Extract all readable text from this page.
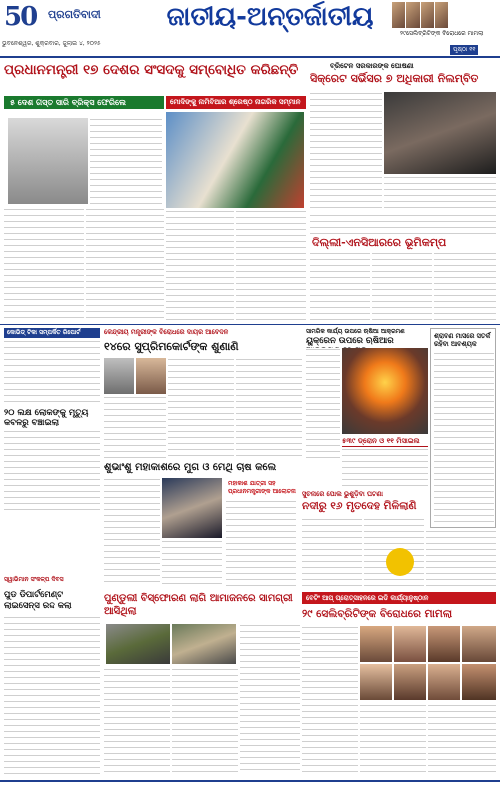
50	ପ୍ରଗତିବାଦୀ
ଭୁବନେଶ୍ୱର, ଶୁକ୍ରବାର, ଜୁଲାଇ ୪, ୨୦୨୫
ଜାତୀୟ-ଅନ୍ତର୍ଜାତୀୟ
୨୯ସେଲିବ୍ରିଟିଙ୍କ ବିରୋଧରେ ମାମଲା
ପୃଷ୍ଠା ୧୧
ପ୍ରଧାନମନ୍ତ୍ରୀ ୧୭ ଦେଶର ସଂସଦକୁ ସମ୍ବୋଧିତ କରିଛନ୍ତି
୫ ଦେଶ ଗସ୍ତ ସାରି ବ୍ରିକ୍ସ ଫେରିଲେ	ମୋଦିଙ୍କୁ ନାମିବିଆର ଶ୍ରେଷ୍ଠ ନାଗରିକ ସମ୍ମାନ
ବ୍ରିଟେନ ସରକାରଙ୍କ ଘୋଷଣା
ସିକ୍ରେଟ ସର୍ଭିସର ୭ ଅଧିକାରୀ ନିଲମ୍ବିତ
ଦିଲ୍ଲୀ-ଏନସିଆରରେ ଭୂମିକମ୍ପ
କୋଭିଡ୍ ଟିକା ସମ୍ପର୍କିତ ରିପୋର୍ଟ
୨୦ ଲକ୍ଷ ଲୋକଙ୍କୁ ମୃତ୍ୟୁ କବଳରୁ ବଞ୍ଚାଇଲା
କେନ୍ଦ୍ରୀୟ ମନ୍ତ୍ରୀଙ୍କ ବିରୋଧରେ ଦାୟର ଆବେଦନ
୧୪ରେ ସୁପ୍ରିମକୋର୍ଟଙ୍କ ଶୁଣାଣି
ସାମରିକ କାର୍ଯ୍ୟ ଉପରେ ଋଷିଆ ଆକ୍ରମଣ
ୟୁକ୍ରେନ ଉପରେ ଋଷିଆର
୫୩୯ ଡ୍ରୋନ ଓ ୧୧ ମିସାଇଲ
ଶ୍ରାବଣ ମାସରେ ସତର୍କ ରହିବା ଆବଶ୍ୟକ
ଶୁଭାଂଶୁ ମହାକାଶରେ ମୁଗ ଓ ମେଥି ଚାଷ କଲେ
ମହାକାଶ ଯାତ୍ରୀ ସହ ପ୍ରଧାନମନ୍ତ୍ରୀଙ୍କ ଆଲୋଚନା ସୁଚନାରେ ପୋଲ ଭୁଶୁଡ଼ିବା ଘଟଣା
ନଦୀରୁ ୧୬ ମୃତଦେହ ମିଳିଲାଣି
ସ୍ୱାଭିମାନ ସଂକଳ୍ପ ଦିବସ
ପୁଡ ଡିପାର୍ଟମେଣ୍ଟ ଲାଇସେନ୍ସ ରଦ୍ଦ କଲା
ପୁଣ୍ଡୁଲୀ ବିସ୍ଫୋରଣ ଲାଗି ଆମାଜନରେ ସାମଗ୍ରୀ ଆସିଥିଲା
ବେଟିଂ ଆପ୍ ପ୍ରୋତ୍ସାହନରେ ଇଡି କାର୍ଯ୍ୟାନୁଷ୍ଠାନ
୨୯ ସେଲିବ୍ରିଟିଙ୍କ ବିରୋଧରେ ମାମଲା
